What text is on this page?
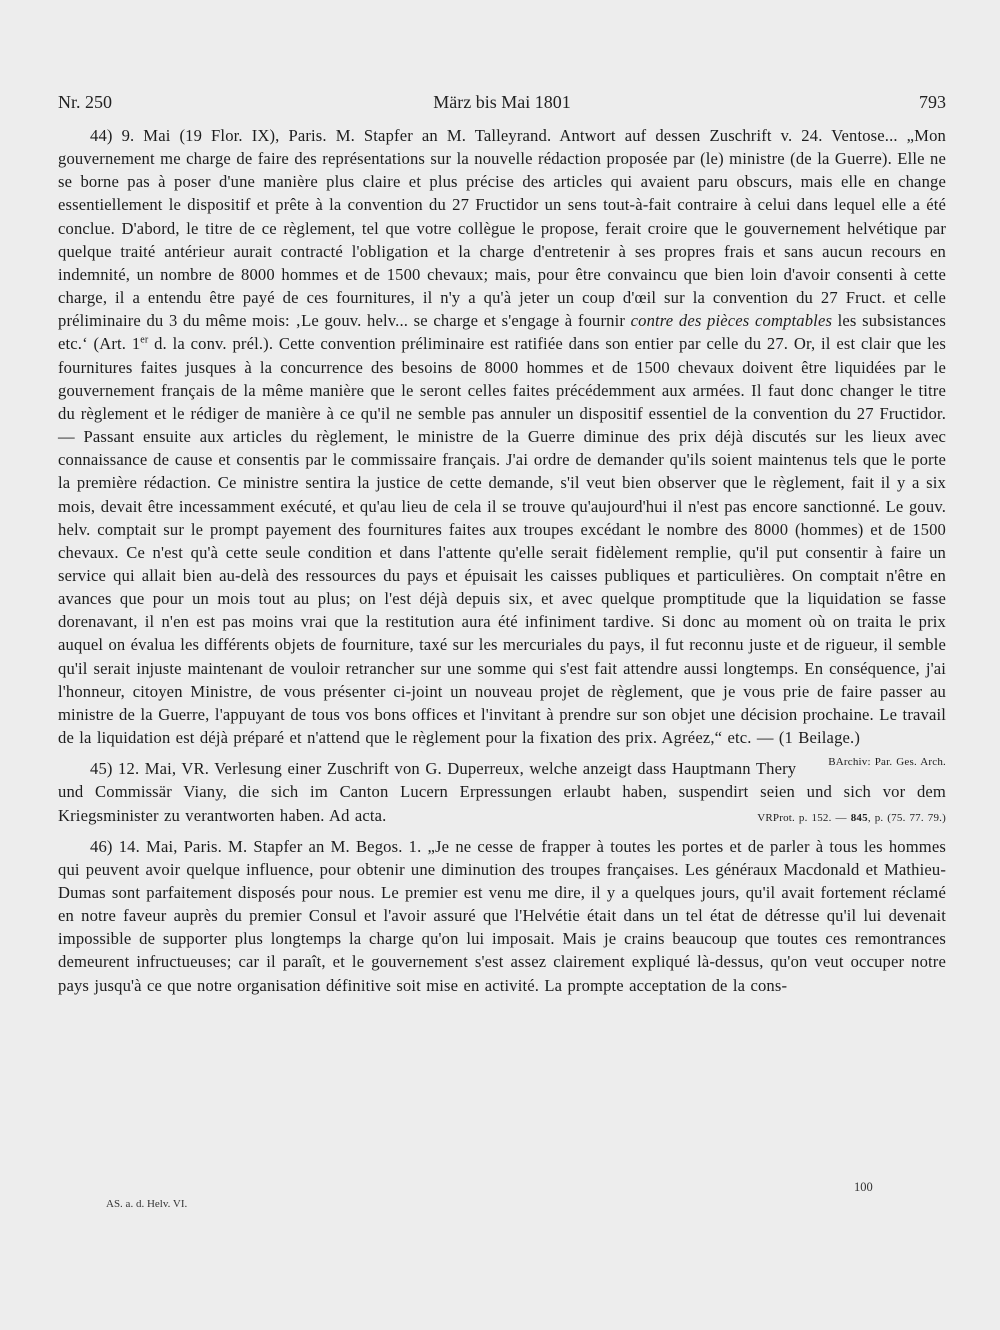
Nr. 250	März bis Mai 1801	793

44) 9. Mai (19 Flor. IX), Paris. M. Stapfer an M. Talleyrand. Antwort auf dessen Zuschrift v. 24. Ventose... „Mon gouvernement me charge de faire des représentations sur la nouvelle rédaction proposée par (le) ministre (de la Guerre). Elle ne se borne pas à poser d'une manière plus claire et plus précise des articles qui avaient paru obscurs, mais elle en change essentiellement le dispositif et prête à la convention du 27 Fructidor un sens tout-à-fait contraire à celui dans lequel elle a été conclue. D'abord, le titre de ce règlement, tel que votre collègue le propose, ferait croire que le gouvernement helvétique par quelque traité antérieur aurait contracté l'obligation et la charge d'entretenir à ses propres frais et sans aucun recours en indemnité, un nombre de 8000 hommes et de 1500 chevaux; mais, pour être convaincu que bien loin d'avoir consenti à cette charge, il a entendu être payé de ces fournitures, il n'y a qu'à jeter un coup d'œil sur la convention du 27 Fruct. et celle préliminaire du 3 du même mois: ‚Le gouv. helv... se charge et s'engage à fournir contre des pièces comptables les subsistances etc.‘ (Art. 1er d. la conv. prél.). Cette convention préliminaire est ratifiée dans son entier par celle du 27. Or, il est clair que les fournitures faites jusques à la concurrence des besoins de 8000 hommes et de 1500 chevaux doivent être liquidées par le gouvernement français de la même manière que le seront celles faites précédemment aux armées. Il faut donc changer le titre du règlement et le rédiger de manière à ce qu'il ne semble pas annuler un dispositif essentiel de la convention du 27 Fructidor. — Passant ensuite aux articles du règlement, le ministre de la Guerre diminue des prix déjà discutés sur les lieux avec connaissance de cause et consentis par le commissaire français. J'ai ordre de demander qu'ils soient maintenus tels que le porte la première rédaction. Ce ministre sentira la justice de cette demande, s'il veut bien observer que le règlement, fait il y a six mois, devait être incessamment exécuté, et qu'au lieu de cela il se trouve qu'aujourd'hui il n'est pas encore sanctionné. Le gouv. helv. comptait sur le prompt payement des fournitures faites aux troupes excédant le nombre des 8000 (hommes) et de 1500 chevaux. Ce n'est qu'à cette seule condition et dans l'attente qu'elle serait fidèlement remplie, qu'il put consentir à faire un service qui allait bien au-delà des ressources du pays et épuisait les caisses publiques et particulières. On comptait n'être en avances que pour un mois tout au plus; on l'est déjà depuis six, et avec quelque promptitude que la liquidation se fasse dorenavant, il n'en est pas moins vrai que la restitution aura été infiniment tardive. Si donc au moment où on traita le prix auquel on évalua les différents objets de fourniture, taxé sur les mercuriales du pays, il fut reconnu juste et de rigueur, il semble qu'il serait injuste maintenant de vouloir retrancher sur une somme qui s'est fait attendre aussi longtemps. En conséquence, j'ai l'honneur, citoyen Ministre, de vous présenter ci-joint un nouveau projet de règlement, que je vous prie de faire passer au ministre de la Guerre, l'appuyant de tous vos bons offices et l'invitant à prendre sur son objet une décision prochaine. Le travail de la liquidation est déjà préparé et n'attend que le règlement pour la fixation des prix. Agréez,“ etc. — (1 Beilage.)
BArchiv: Par. Ges. Arch.

45) 12. Mai, VR. Verlesung einer Zuschrift von G. Duperreux, welche anzeigt dass Hauptmann Thery und Commissär Viany, die sich im Canton Lucern Erpressungen erlaubt haben, suspendirt seien und sich vor dem Kriegsminister zu verantworten haben. Ad acta.	VRProt. p. 152. — 845, p. (75. 77. 79.)

46) 14. Mai, Paris. M. Stapfer an M. Begos. 1. „Je ne cesse de frapper à toutes les portes et de parler à tous les hommes qui peuvent avoir quelque influence, pour obtenir une diminution des troupes françaises. Les généraux Macdonald et Mathieu-Dumas sont parfaitement disposés pour nous. Le premier est venu me dire, il y a quelques jours, qu'il avait fortement réclamé en notre faveur auprès du premier Consul et l'avoir assuré que l'Helvétie était dans un tel état de détresse qu'il lui devenait impossible de supporter plus longtemps la charge qu'on lui imposait. Mais je crains beaucoup que toutes ces remontrances demeurent infructueuses; car il paraît, et le gouvernement s'est assez clairement expliqué là-dessus, qu'on veut occuper notre pays jusqu'à ce que notre organisation définitive soit mise en activité. La prompte acceptation de la cons-

100
AS. a. d. Helv. VI.
